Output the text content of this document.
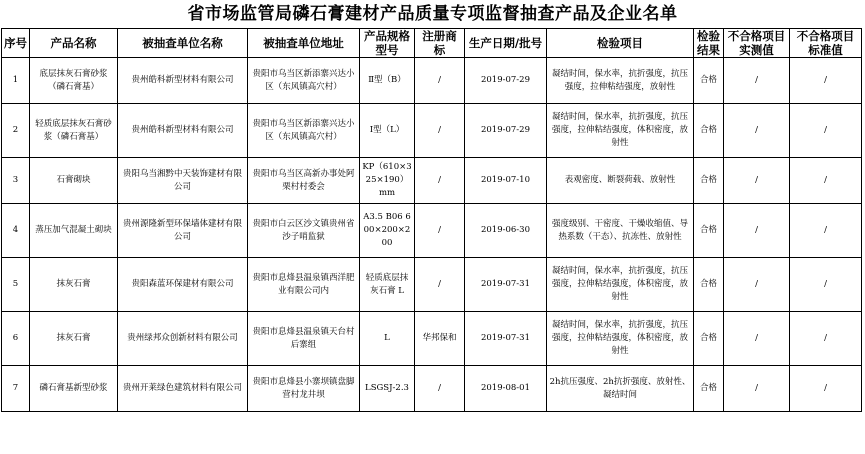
省市场监管局磷石膏建材产品质量专项监督抽查产品及企业名单
序号	产品名称	被抽查单位名称	被抽查单位地址	产品规格型号	注册商标	生产日期/批号	检验项目	检验结果	不合格项目实测值	不合格项目标准值
1	底层抹灰石膏砂浆（磷石膏基）	贵州皓科新型材料有限公司	贵阳市乌当区新添寨兴达小区（东风镇高穴村）	Ⅱ型（B）	/	2019-07-29	凝结时间，保水率，抗折强度，抗压强度，拉伸粘结强度，放射性	合格	/	/
2	轻质底层抹灰石膏砂浆（磷石膏基）	贵州皓科新型材料有限公司	贵阳市乌当区新添寨兴达小区（东风镇高穴村）	Ⅰ型（L）	/	2019-07-29	凝结时间，保水率，抗折强度，抗压强度，拉伸粘结强度，体积密度，放射性	合格	/	/
3	石膏砌块	贵阳乌当湘黔中天装饰建材有限公司	贵阳市乌当区高新办事处阿栗村村委会	KP（610×325×190）mm	/	2019-07-10	表观密度、断裂荷载、放射性	合格	/	/
4	蒸压加气混凝土砌块	贵州源隆新型环保墙体建材有限公司	贵阳市白云区沙文镇贵州省沙子哨监狱	A3.5 B06 600×200×200	/	2019-06-30	强度级别、干密度、干燥收缩值、导热系数（干态）、抗冻性、放射性	合格	/	/
5	抹灰石膏	贵阳森蓝环保建材有限公司	贵阳市息烽县温泉镇西洋肥业有限公司内	轻质底层抹灰石膏 L	/	2019-07-31	凝结时间，保水率，抗折强度，抗压强度，拉伸粘结强度，体积密度，放射性	合格	/	/
6	抹灰石膏	贵州绿邦众创新材料有限公司	贵阳市息烽县温泉镇天台村后寨组	L	华邦保和	2019-07-31	凝结时间，保水率，抗折强度，抗压强度，拉伸粘结强度，体积密度，放射性	合格	/	/
7	磷石膏基新型砂浆	贵州开莱绿色建筑材料有限公司	贵阳市息烽县小寨坝镇盘脚营村龙井坝	LSGSJ-2.3	/	2019-08-01	2h抗压强度、2h抗折强度、放射性、凝结时间	合格	/	/
